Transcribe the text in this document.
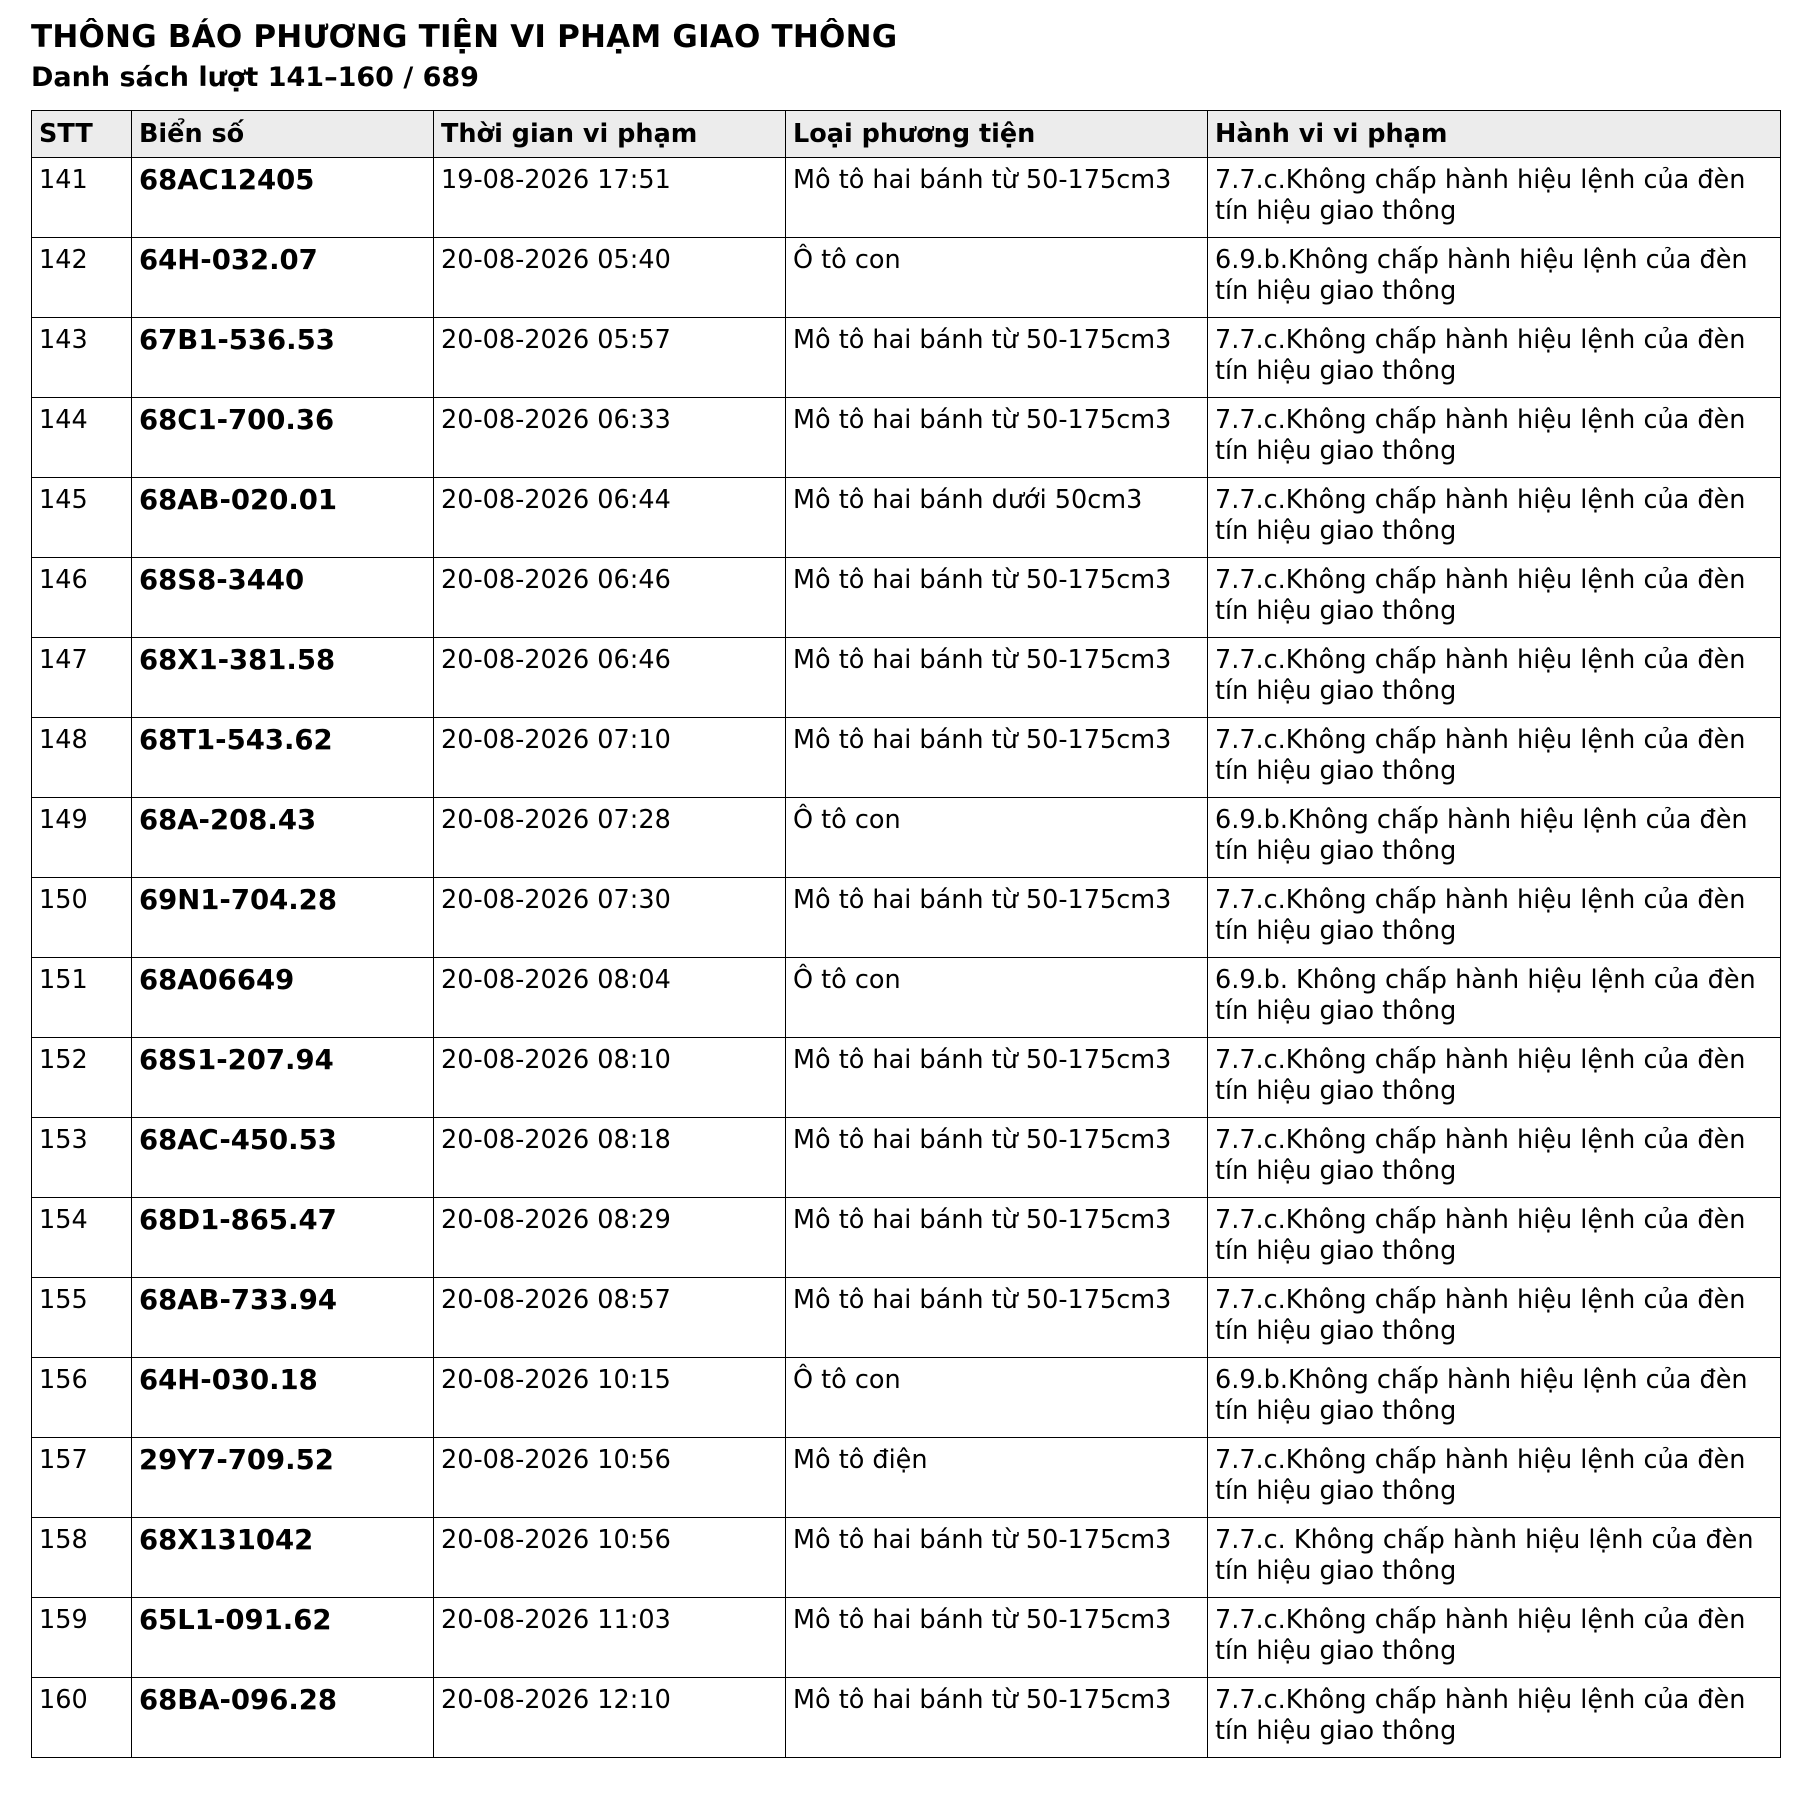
THÔNG BÁO PHƯƠNG TIỆN VI PHẠM GIAO THÔNG
Danh sách lượt 141–160 / 689
STT	Biển số	Thời gian vi phạm	Loại phương tiện	Hành vi vi phạm
141	68AC12405	19-08-2026 17:51	Mô tô hai bánh từ 50-175cm3	7.7.c.Không chấp hành hiệu lệnh của đèn tín hiệu giao thông
142	64H-032.07	20-08-2026 05:40	Ô tô con	6.9.b.Không chấp hành hiệu lệnh của đèn tín hiệu giao thông
143	67B1-536.53	20-08-2026 05:57	Mô tô hai bánh từ 50-175cm3	7.7.c.Không chấp hành hiệu lệnh của đèn tín hiệu giao thông
144	68C1-700.36	20-08-2026 06:33	Mô tô hai bánh từ 50-175cm3	7.7.c.Không chấp hành hiệu lệnh của đèn tín hiệu giao thông
145	68AB-020.01	20-08-2026 06:44	Mô tô hai bánh dưới 50cm3	7.7.c.Không chấp hành hiệu lệnh của đèn tín hiệu giao thông
146	68S8-3440	20-08-2026 06:46	Mô tô hai bánh từ 50-175cm3	7.7.c.Không chấp hành hiệu lệnh của đèn tín hiệu giao thông
147	68X1-381.58	20-08-2026 06:46	Mô tô hai bánh từ 50-175cm3	7.7.c.Không chấp hành hiệu lệnh của đèn tín hiệu giao thông
148	68T1-543.62	20-08-2026 07:10	Mô tô hai bánh từ 50-175cm3	7.7.c.Không chấp hành hiệu lệnh của đèn tín hiệu giao thông
149	68A-208.43	20-08-2026 07:28	Ô tô con	6.9.b.Không chấp hành hiệu lệnh của đèn tín hiệu giao thông
150	69N1-704.28	20-08-2026 07:30	Mô tô hai bánh từ 50-175cm3	7.7.c.Không chấp hành hiệu lệnh của đèn tín hiệu giao thông
151	68A06649	20-08-2026 08:04	Ô tô con	6.9.b. Không chấp hành hiệu lệnh của đèn tín hiệu giao thông
152	68S1-207.94	20-08-2026 08:10	Mô tô hai bánh từ 50-175cm3	7.7.c.Không chấp hành hiệu lệnh của đèn tín hiệu giao thông
153	68AC-450.53	20-08-2026 08:18	Mô tô hai bánh từ 50-175cm3	7.7.c.Không chấp hành hiệu lệnh của đèn tín hiệu giao thông
154	68D1-865.47	20-08-2026 08:29	Mô tô hai bánh từ 50-175cm3	7.7.c.Không chấp hành hiệu lệnh của đèn tín hiệu giao thông
155	68AB-733.94	20-08-2026 08:57	Mô tô hai bánh từ 50-175cm3	7.7.c.Không chấp hành hiệu lệnh của đèn tín hiệu giao thông
156	64H-030.18	20-08-2026 10:15	Ô tô con	6.9.b.Không chấp hành hiệu lệnh của đèn tín hiệu giao thông
157	29Y7-709.52	20-08-2026 10:56	Mô tô điện	7.7.c.Không chấp hành hiệu lệnh của đèn tín hiệu giao thông
158	68X131042	20-08-2026 10:56	Mô tô hai bánh từ 50-175cm3	7.7.c. Không chấp hành hiệu lệnh của đèn tín hiệu giao thông
159	65L1-091.62	20-08-2026 11:03	Mô tô hai bánh từ 50-175cm3	7.7.c.Không chấp hành hiệu lệnh của đèn tín hiệu giao thông
160	68BA-096.28	20-08-2026 12:10	Mô tô hai bánh từ 50-175cm3	7.7.c.Không chấp hành hiệu lệnh của đèn tín hiệu giao thông
